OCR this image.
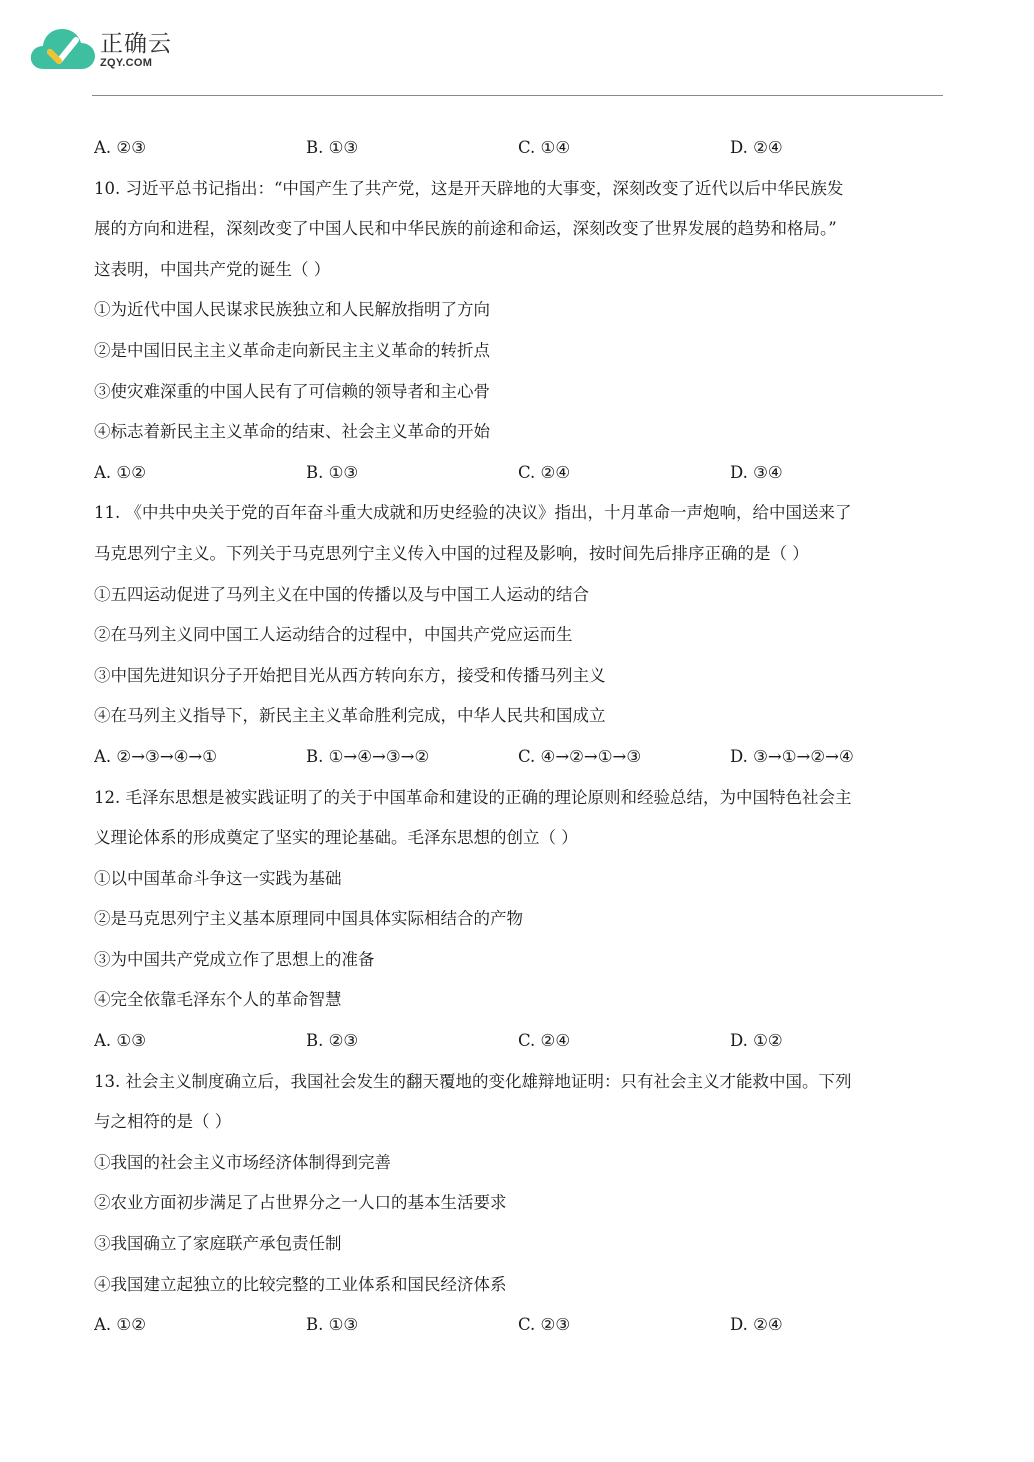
正确云
ZQY.COM
A. ②③	B. ①③	C. ①④	D. ②④
10. 习近平总书记指出：“中国产生了共产党，这是开天辟地的大事变，深刻改变了近代以后中华民族发
展的方向和进程，深刻改变了中国人民和中华民族的前途和命运，深刻改变了世界发展的趋势和格局。”
这表明，中国共产党的诞生（ ）
①为近代中国人民谋求民族独立和人民解放指明了方向
②是中国旧民主主义革命走向新民主主义革命的转折点
③使灾难深重的中国人民有了可信赖的领导者和主心骨
④标志着新民主主义革命的结束、社会主义革命的开始
A. ①②	B. ①③	C. ②④	D. ③④
11. 《中共中央关于党的百年奋斗重大成就和历史经验的决议》指出，十月革命一声炮响，给中国送来了
马克思列宁主义。下列关于马克思列宁主义传入中国的过程及影响，按时间先后排序正确的是（ ）
①五四运动促进了马列主义在中国的传播以及与中国工人运动的结合
②在马列主义同中国工人运动结合的过程中，中国共产党应运而生
③中国先进知识分子开始把目光从西方转向东方，接受和传播马列主义
④在马列主义指导下，新民主主义革命胜利完成，中华人民共和国成立
A. ②→③→④→①	B. ①→④→③→②	C. ④→②→①→③	D. ③→①→②→④
12. 毛泽东思想是被实践证明了的关于中国革命和建设的正确的理论原则和经验总结，为中国特色社会主
义理论体系的形成奠定了坚实的理论基础。毛泽东思想的创立（ ）
①以中国革命斗争这一实践为基础
②是马克思列宁主义基本原理同中国具体实际相结合的产物
③为中国共产党成立作了思想上的准备
④完全依靠毛泽东个人的革命智慧
A. ①③	B. ②③	C. ②④	D. ①②
13. 社会主义制度确立后，我国社会发生的翻天覆地的变化雄辩地证明：只有社会主义才能救中国。下列
与之相符的是（ ）
①我国的社会主义市场经济体制得到完善
②农业方面初步满足了占世界分之一人口的基本生活要求
③我国确立了家庭联产承包责任制
④我国建立起独立的比较完整的工业体系和国民经济体系
A. ①②	B. ①③	C. ②③	D. ②④
